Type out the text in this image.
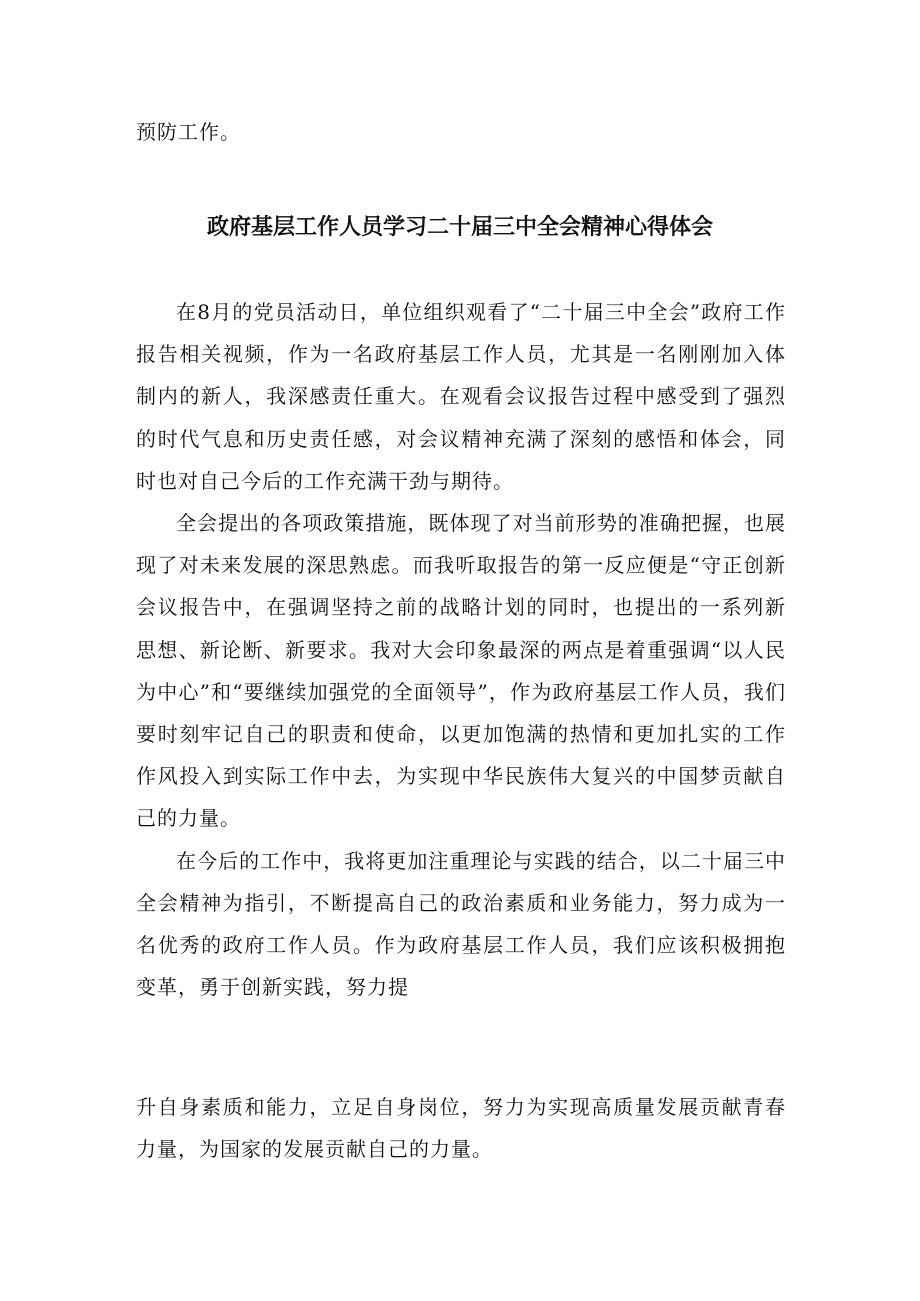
预防工作。

政府基层工作人员学习二十届三中全会精神心得体会

在8月的党员活动日，单位组织观看了“二十届三中全会”政府工作报告相关视频，作为一名政府基层工作人员，尤其是一名刚刚加入体制内的新人，我深感责任重大。在观看会议报告过程中感受到了强烈的时代气息和历史责任感，对会议精神充满了深刻的感悟和体会，同时也对自己今后的工作充满干劲与期待。

全会提出的各项政策措施，既体现了对当前形势的准确把握，也展现了对未来发展的深思熟虑。而我听取报告的第一反应便是“守正创新会议报告中，在强调坚持之前的战略计划的同时，也提出的一系列新思想、新论断、新要求。我对大会印象最深的两点是着重强调“以人民为中心”和“要继续加强党的全面领导”，作为政府基层工作人员，我们要时刻牢记自己的职责和使命，以更加饱满的热情和更加扎实的工作作风投入到实际工作中去，为实现中华民族伟大复兴的中国梦贡献自己的力量。

在今后的工作中，我将更加注重理论与实践的结合，以二十届三中全会精神为指引，不断提高自己的政治素质和业务能力，努力成为一名优秀的政府工作人员。作为政府基层工作人员，我们应该积极拥抱变革，勇于创新实践，努力提

升自身素质和能力，立足自身岗位，努力为实现高质量发展贡献青春力量，为国家的发展贡献自己的力量。
